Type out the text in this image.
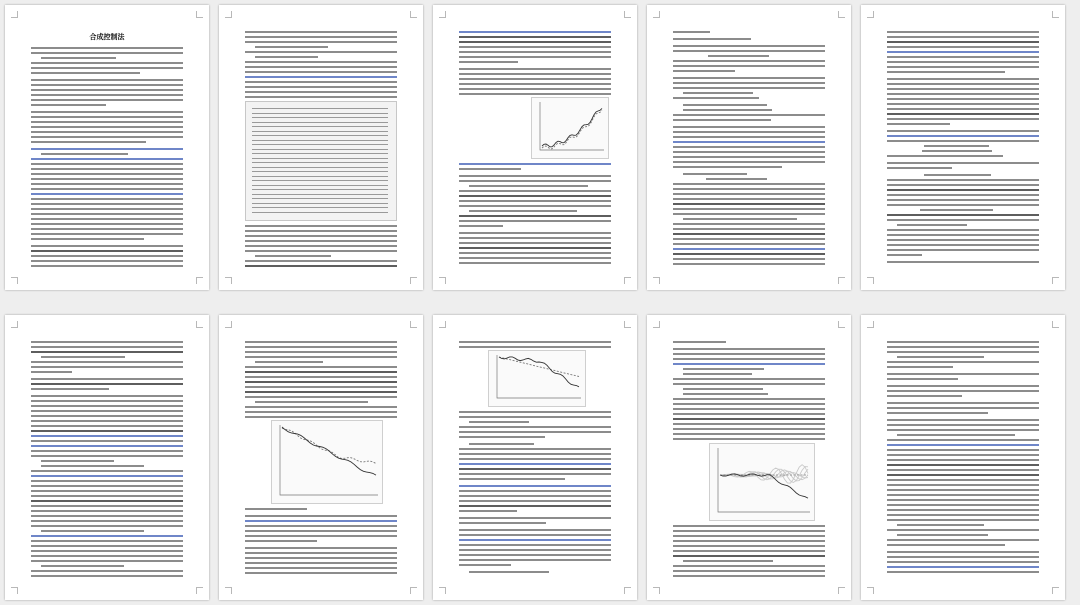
合成控制法
